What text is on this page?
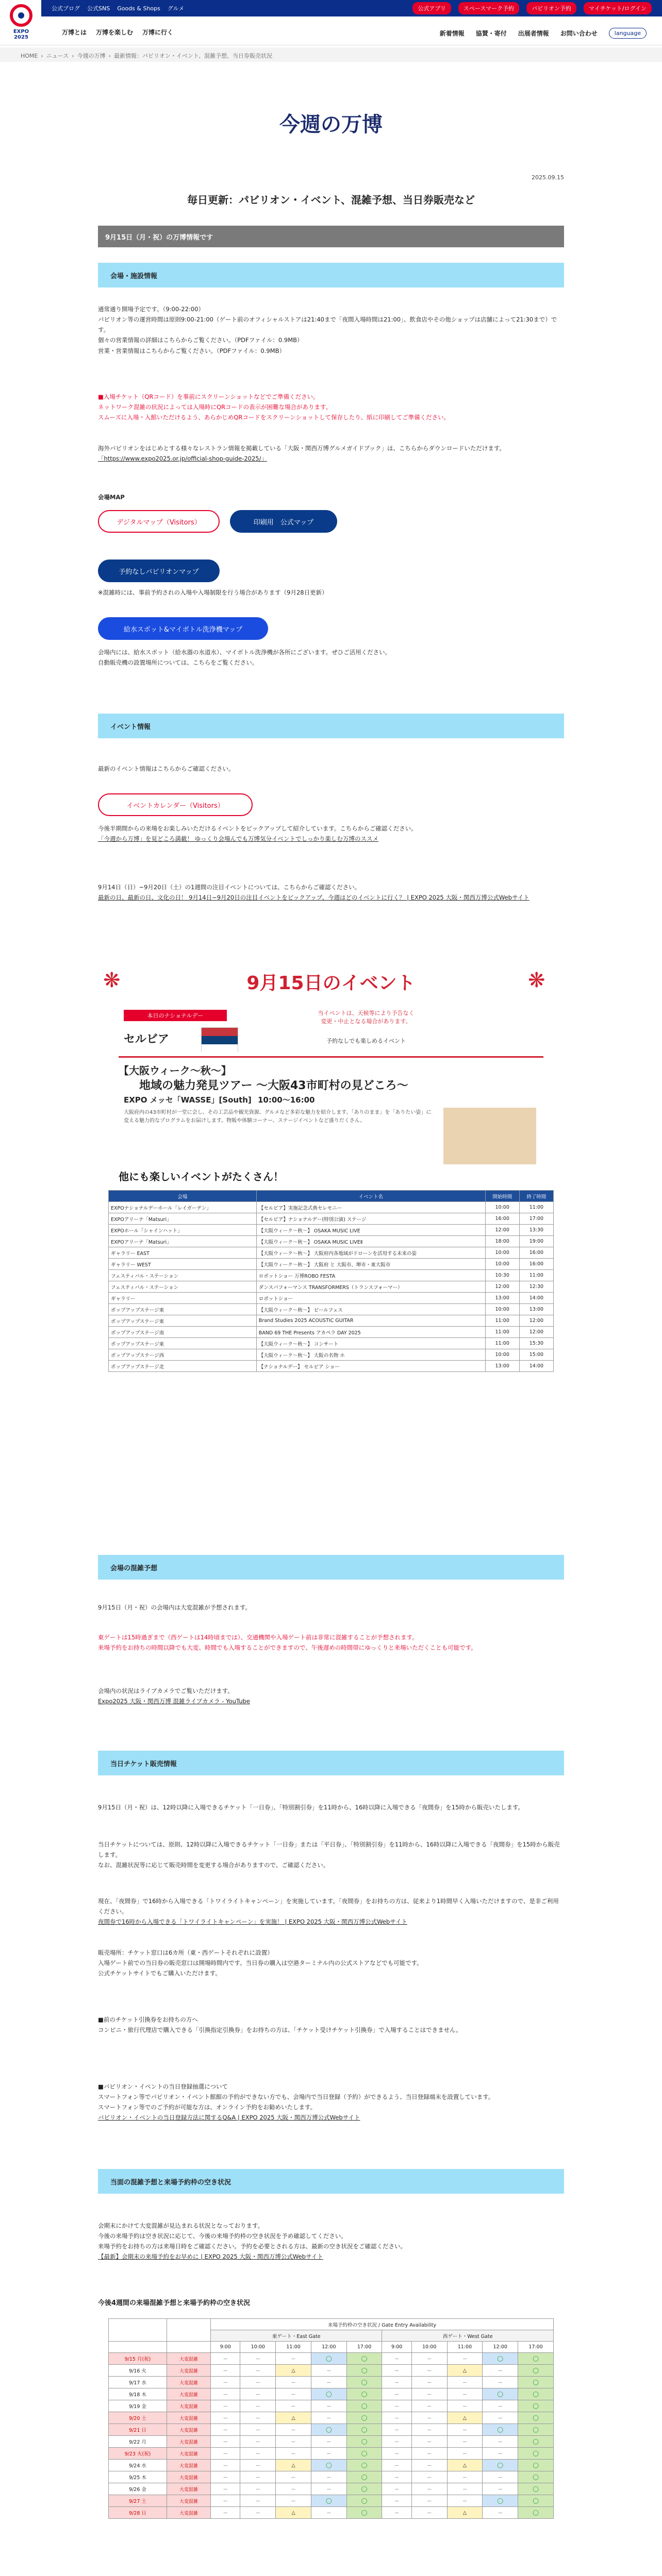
EXPO
2025
公式ブログ 公式SNS Goods & Shops グルメ	公式アプリ	スペースマーク予約	パビリオン予約	マイチケット/ログイン
万博とは 万博を楽しむ 万博に行く	新着情報 協賛・寄付 出展者情報 お問い合わせ	language
HOME › ニュース › 今週の万博 › 最新情報：パビリオン・イベント、混雑予想、当日券販売状況
今週の万博
2025.09.15
毎日更新：パビリオン・イベント、混雑予想、当日券販売など
9月15日（月・祝）の万博情報です
会場・施設情報

通常通り開場予定です。（9:00-22:00）

パビリオン等の運営時間は原則9:00-21:00（ゲート前のオフィシャルストアは21:40まで「夜間入場時間は21:00」、飲食店やその他ショップは店舗によって21:30まで）です。

個々の営業情報の詳細はこちらからご覧ください。（PDFファイル：0.9MB）

営業・営業情報はこちらからご覧ください。（PDFファイル：0.9MB）

■入場チケット（QRコード）を事前にスクリーンショットなどでご準備ください。

ネットワーク混雑の状況によっては入場時にQRコードの表示が困難な場合があります。

スムーズに入場・入館いただけるよう、あらかじめQRコードをスクリーンショットして保存したり、紙に印刷してご準備ください。

海外パビリオンをはじめとする様々なレストラン情報を掲載している「大阪・関西万博グルメガイドブック」は、こちらからダウンロードいただけます。

「https://www.expo2025.or.jp/official-shop-guide-2025/」

会場MAP
デジタルマップ（Visitors）	印刷用　公式マップ
予約なしパビリオンマップ
※混雑時には、事前予約されの入場や入場制限を行う場合があります（9月28日更新）
給水スポット&マイボトル洗浄機マップ

会場内には、給水スポット（給水器の水道水）、マイボトル洗浄機が各所にございます。ぜひご活用ください。

自動販売機の設置場所については、こちらをご覧ください。

イベント情報
最新のイベント情報はこちらからご確認ください。
イベントカレンダー（Visitors）

今後半期間からの来場をお楽しみいただけるイベントをピックアップして紹介しています。こちらからご確認ください。

「今週から万博」を見どころ満載！ ゆっくり会場んでも万博気分イベントでしっかり楽しむ万博のススメ

9月14日（日）~9月20日（土）の1週間の注目イベントについては、こちらからご確認ください。

最新の日、最新の日、文化の日！ 9月14日~9月20日の注目イベントをピックアップ、今週はどのイベントに行く？ | EXPO 2025 大阪・関西万博公式Webサイト

❋	❋
9月15日のイベント
本日のナショナルデー
セルビア
当イベントは、天候等により予告なく
変更・中止となる場合があります。
予約なしでも楽しめるイベント
【大阪ウィーク～秋～】
地域の魅力発見ツアー ～大阪43市町村の見どころ～
EXPO メッセ「WASSE」[South] 10:00～16:00
大阪府内の43市町村が一堂に会し、その工芸品や観光資源、グルメなど多彩な魅力を紹介します。「ありのまま」を「ありたい姿」に変える魅力的なプログラムをお届けします。物販や体験コーナー、ステージイベントなど盛りだくさん。
他にも楽しいイベントがたくさん！
会場	イベント名	開始時間	終了時間
EXPOナショナルデーホール「レイガーデン」	【セルビア】実施記念式典セレモニー	10:00	11:00
EXPOアリーナ「Matsuri」	【セルビア】ナショナルデー(特別公演) ステージ	16:00	17:00
EXPOホール「シャインハット」	【大阪ウィーク～秋～】 OSAKA MUSIC LIVE	12:00	13:30
EXPOアリーナ「Matsuri」	【大阪ウィーク～秋～】 OSAKA MUSIC LIVEⅡ	18:00	19:00
ギャラリー EAST	【大阪ウィーク～秋～】 大阪府内各地域がドローンを活用する未来の姿	10:00	16:00
ギャラリー WEST	【大阪ウィーク～秋～】 大阪府 と 大阪市、堺市・東大阪市	10:00	16:00
フェスティバル・ステーション	ロボットショー 万博ROBO FESTA	10:30	11:00
フェスティバル・ステーション	ダンスパフォーマンス TRANSFORMERS（トランスフォーマー）	12:00	12:30
ギャラリー	ロボットショー	13:00	14:00
ポップアップステージ東	【大阪ウィーク～秋～】 ビールフェス	10:00	13:00
ポップアップステージ東	Brand Studies 2025 ACOUSTIC GUITAR	11:00	12:00
ポップアップステージ南	BAND 69 THE Presents アカペラ DAY 2025	11:00	12:00
ポップアップステージ東	【大阪ウィーク～秋～】 コンサート	11:00	15:30
ポップアップステージ西	【大阪ウィーク～秋～】 大阪の名物 ホ	10:00	15:00
ポップアップステージ北	【ナショナルデー】 セルビア ショー	13:00	14:00
会場の混雑予想
9月15日（月・祝）の会場内は大変混雑が予想されます。

東ゲートは15時過ぎまで（西ゲートは14時頃までは）、交通機関や入場ゲート前は非常に混雑することが予想されます。

来場予約をお持ちの時間以降でも大変、時間でも入場することができますので、午後遅めの時間帯にゆっくりと来場いただくことも可能です。

会場内の状況はライブカメラでご覧いただけます。

Expo2025 大阪・関西万博 混雑ライブカメラ - YouTube

当日チケット販売情報
9月15日（月・祝）は、12時以降に入場できるチケット「一日券」、「特別割引券」を11時から、16時以降に入場できる「夜間券」を15時から販売いたします。

当日チケットについては、原則、12時以降に入場できるチケット「一日券」または「平日券」、「特別割引券」を11時から、16時以降に入場できる「夜間券」を15時から販売します。

なお、混雑状況等に応じて販売時間を変更する場合がありますので、ご確認ください。

現在、「夜間券」で16時から入場できる「トワイライトキャンペーン」を実施しています。「夜間券」をお持ちの方は、従来より1時間早く入場いただけますので、是非ご利用ください。

夜間券で16時から入場できる「トワイライトキャンペーン」を実施！ | EXPO 2025 大阪・関西万博公式Webサイト

販売場所：チケット窓口は6カ所（東・西ゲートそれぞれに設置）

入場ゲート前での当日券の販売窓口は開場時間内です。当日券の購入は空港ターミナル内の公式ストアなどでも可能です。

公式チケットサイトでもご購入いただけます。

■前のチケット引換券をお持ちの方へ

コンビニ・旅行代理店で購入できる「引換指定引換券」をお持ちの方は、「チケット受けチケット引換券」で入場することはできません。

■パビリオン・イベントの当日登録抽選について

スマートフォン等でパビリオン・イベント館館の予約ができない方でも、会場内で当日登録（予約）ができるよう、当日登録端末を設置しています。

スマートフォン等でのご予約が可能な方は、オンライン予約をお勧めいたします。

パビリオン・イベントの当日登録方法に関するQ&A | EXPO 2025 大阪・関西万博公式Webサイト

当面の混雑予想と来場予約枠の空き状況

会期末にかけて大変混雑が見込まれる状況となっております。

今後の来場予約は空き状況に応じて、今後の来場予約枠の空き状況を予め確認してください。

来場予約をお持ちの方は来場日時をご確認ください。予約を必要とされる方は、最新の空き状況をご確認ください。

【最新】会期末の来場予約をお早めに | EXPO 2025 大阪・関西万博公式Webサイト

今後4週間の来場混雑予想と来場予約枠の空き状況
		来場予約枠の空き状況 / Gate Entry Availability									
		東ゲート・East Gate					西ゲート・West Gate				
		9:00	10:00	11:00	12:00	17:00	9:00	10:00	11:00	12:00	17:00
9/15 月(祝)	大変混雑	－	－	－	○	○	－	－	－	○	○
9/16 火	大変混雑	－	－	△	－	○	－	－	△	－	○
9/17 水	大変混雑	－	－	－	－	○	－	－	－	－	○
9/18 木	大変混雑	－	－	－	○	○	－	－	－	○	○
9/19 金	大変混雑	－	－	－	－	○	－	－	－	－	○
9/20 土	大変混雑	－	－	△	－	○	－	－	△	－	○
9/21 日	大変混雑	－	－	－	○	○	－	－	－	○	○
9/22 月	大変混雑	－	－	－	－	○	－	－	－	－	○
9/23 火(祝)	大変混雑	－	－	－	－	○	－	－	－	－	○
9/24 水	大変混雑	－	－	△	○	○	－	－	△	○	○
9/25 木	大変混雑	－	－	－	－	○	－	－	－	－	○
9/26 金	大変混雑	－	－	－	－	○	－	－	－	－	○
9/27 土	大変混雑	－	－	－	○	○	－	－	－	○	○
9/28 日	大変混雑	－	－	△	－	○	－	－	△	－	○
